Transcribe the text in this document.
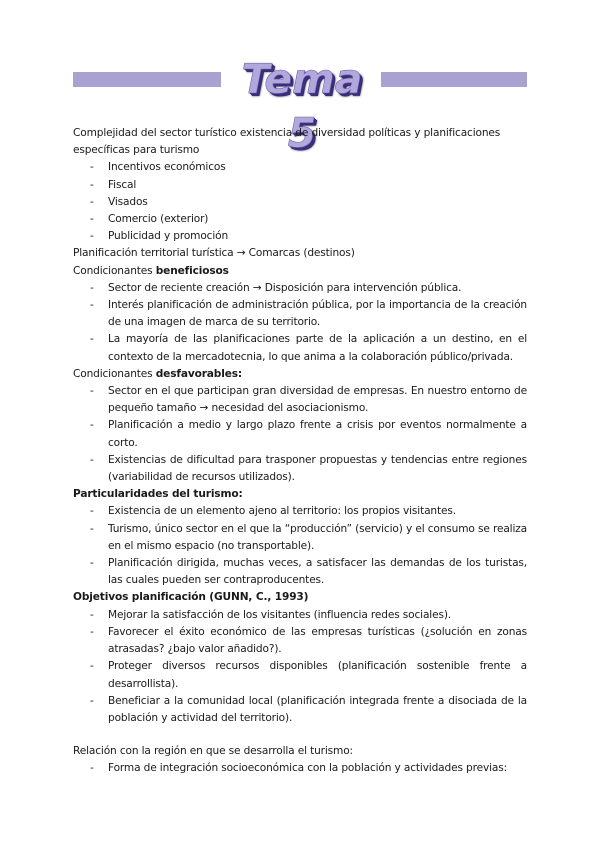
Tema 5

Complejidad del sector turístico existencia de diversidad políticas y planificaciones específicas para turismo

- Incentivos económicos
- Fiscal
- Visados
- Comercio (exterior)
- Publicidad y promoción

Planificación territorial turística → Comarcas (destinos)

Condicionantes beneficiosos

- Sector de reciente creación → Disposición para intervención pública.
- Interés planificación de administración pública, por la importancia de la creación de una imagen de marca de su territorio.
- La mayoría de las planificaciones parte de la aplicación a un destino, en el contexto de la mercadotecnia, lo que anima a la colaboración público/privada.

Condicionantes desfavorables:

- Sector en el que participan gran diversidad de empresas. En nuestro entorno de pequeño tamaño → necesidad del asociacionismo.
- Planificación a medio y largo plazo frente a crisis por eventos normalmente a corto.
- Existencias de dificultad para trasponer propuestas y tendencias entre regiones (variabilidad de recursos utilizados).

Particularidades del turismo:

- Existencia de un elemento ajeno al territorio: los propios visitantes.
- Turismo, único sector en el que la “producción” (servicio) y el consumo se realiza en el mismo espacio (no transportable).
- Planificación dirigida, muchas veces, a satisfacer las demandas de los turistas, las cuales pueden ser contraproducentes.

Objetivos planificación (GUNN, C., 1993)

- Mejorar la satisfacción de los visitantes (influencia redes sociales).
- Favorecer el éxito económico de las empresas turísticas (¿solución en zonas atrasadas? ¿bajo valor añadido?).
- Proteger diversos recursos disponibles (planificación sostenible frente a desarrollista).
- Beneficiar a la comunidad local (planificación integrada frente a disociada de la población y actividad del territorio).

Relación con la región en que se desarrolla el turismo:

- Forma de integración socioeconómica con la población y actividades previas:
